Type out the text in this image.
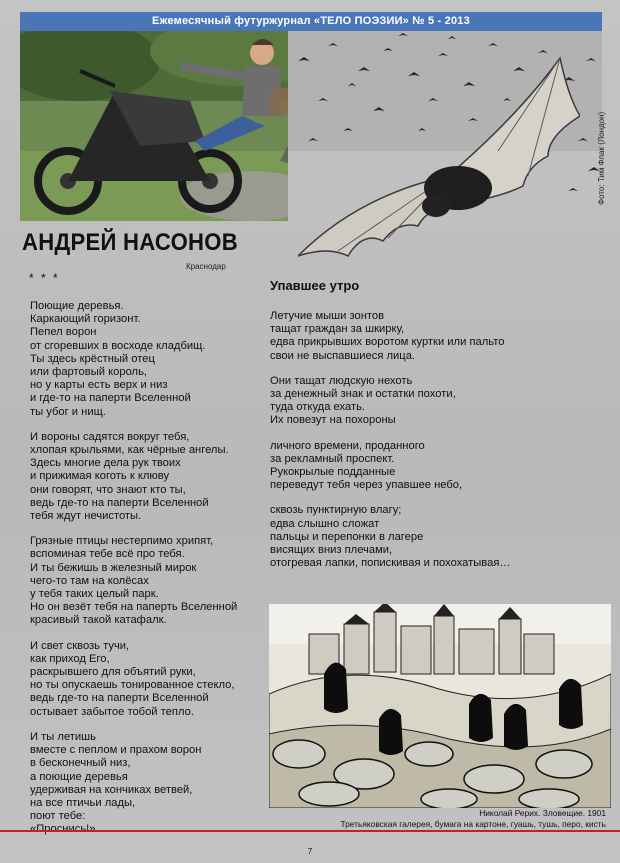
Ежемесячный футуржурнал «ТЕЛО ПОЭЗИИ» № 5 - 2013
Фото: Тим Флак (Лондон)
АНДРЕЙ НАСОНОВ
Краснодар
* * *
Поющие деревья.
Каркающий горизонт.
Пепел ворон
от сгоревших в восходе кладбищ.
Ты здесь крёстный отец
или фартовый король,
но у карты есть верх и низ
и где-то на паперти Вселенной
ты убог и нищ.
И вороны садятся вокруг тебя,
хлопая крыльями, как чёрные ангелы.
Здесь многие дела рук твоих
и прижимая коготь к клюву
они говорят, что знают кто ты,
ведь где-то на паперти Вселенной
тебя ждут нечистоты.
Грязные птицы нестерпимо хрипят,
вспоминая тебе всё про тебя.
И ты бежишь в железный мирок
чего-то там на колёсах
у тебя таких целый парк.
Но он везёт тебя на паперть Вселенной
красивый такой катафалк.
И свет сквозь тучи,
как приход Его,
раскрывшего для объятий руки,
но ты опускаешь тонированное стекло,
ведь где-то на паперти Вселенной
остывает забытое тобой тепло.
И ты летишь
вместе с пеплом и прахом ворон
в бесконечный низ,
а поющие деревья
удерживая на кончиках ветвей,
на все птичьи лады,
поют тебе:
Упавшее утро
Летучие мыши зонтов
тащат граждан за шкирку,
едва прикрывших воротом куртки или пальто
свои не выспавшиеся лица.
Они тащат людскую нехоть
за денежный знак и остатки похоти,
туда откуда ехать.
Их повезут на похороны
личного времени, проданного
за рекламный проспект.
Рукокрылые подданные
переведут тебя через упавшее небо,
сквозь пунктирную влагу;
едва слышно сложат
пальцы и перепонки в лагере
висящих вниз плечами,
отогревая лапки, попискивая и похохатывая…
Николай Рерих. Зловещие. 1901
Третьяковская галерея, бумага на картоне, гуашь, тушь, перо, кисть
7
